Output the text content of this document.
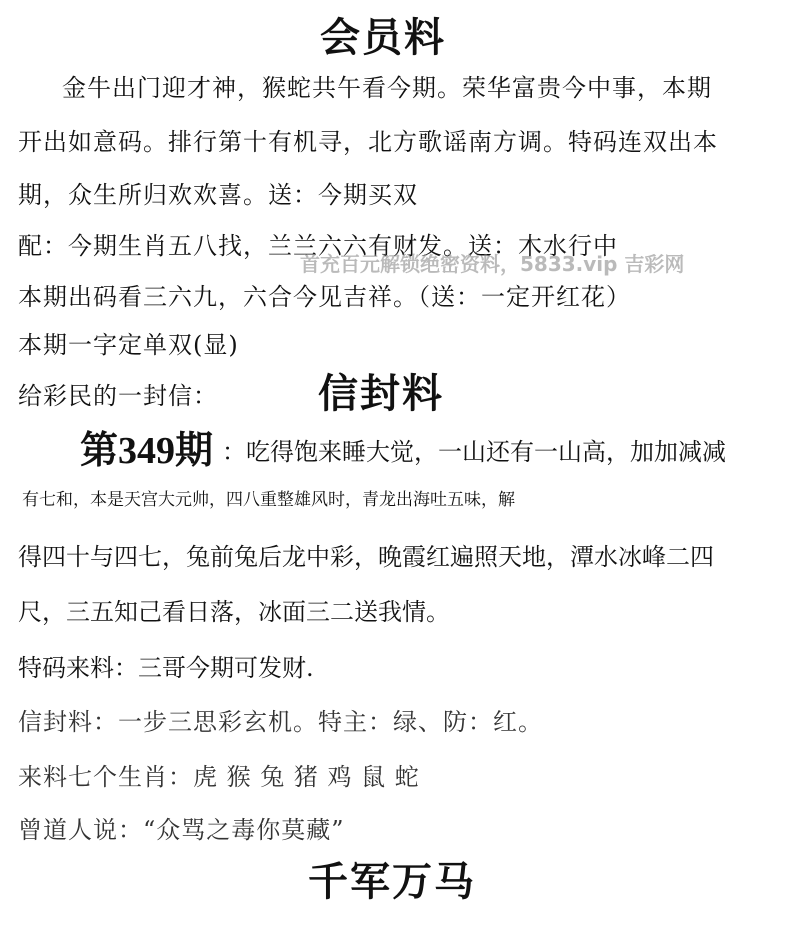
会员料
金牛出门迎才神，猴蛇共午看今期。荣华富贵今中事，本期
开出如意码。排行第十有机寻，北方歌谣南方调。特码连双出本
期，众生所归欢欢喜。送：今期买双
配：今期生肖五八找，兰兰六六有财发。送：木水行中
首充百元解锁绝密资料，5833.vip 吉彩网
本期出码看三六九，六合今见吉祥。（送：一定开红花）
本期一字定单双(显)
给彩民的一封信：	信封料
第349期 ：吃得饱来睡大觉，一山还有一山高，加加减减
有七和，本是天宫大元帅，四八重整雄风时，青龙出海吐五味，解
得四十与四七，兔前兔后龙中彩，晚霞红遍照天地，潭水冰峰二四
尺，三五知己看日落，冰面三二送我情。
特码来料：三哥今期可发财.
信封料：一步三思彩玄机。特主：绿、防：红。
来料七个生肖：虎 猴 兔 猪 鸡 鼠 蛇
曾道人说：“众骂之毒你莫藏”
千军万马
